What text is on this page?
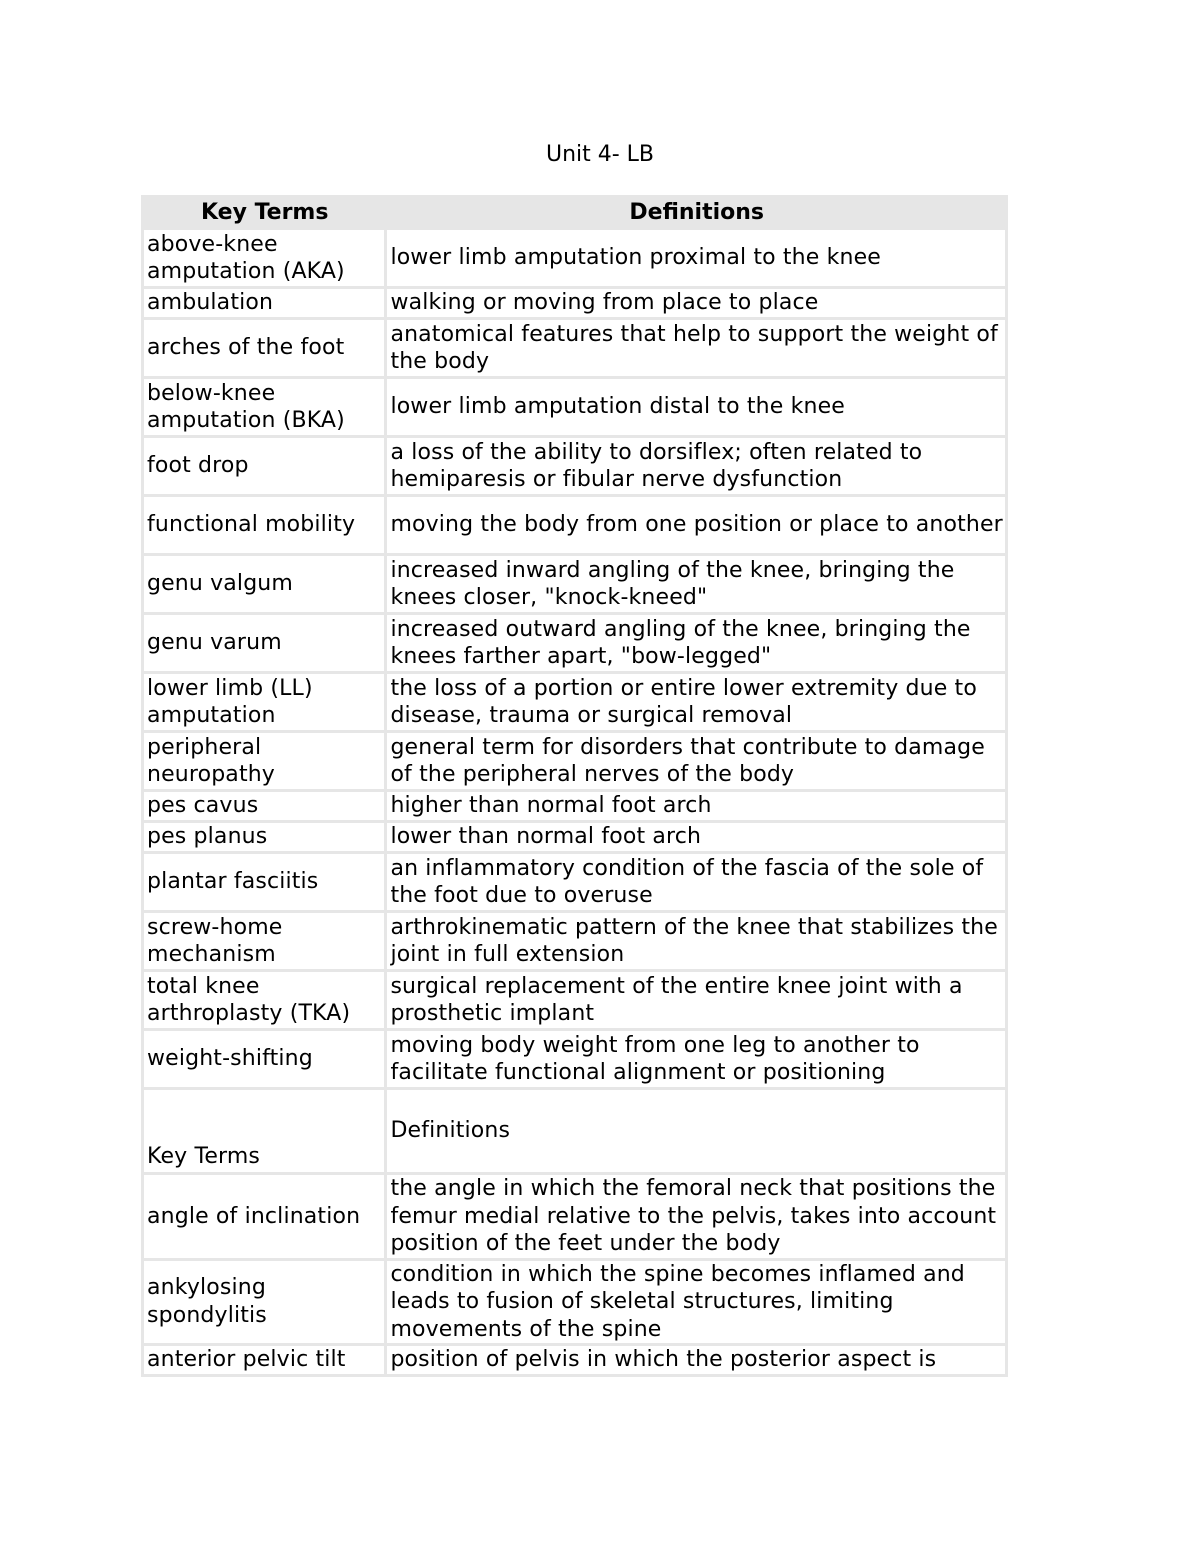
Unit 4- LB
Key Terms	Definitions
above-knee amputation (AKA)	lower limb amputation proximal to the knee
ambulation	walking or moving from place to place
arches of the foot	anatomical features that help to support the weight of the body
below-knee amputation (BKA)	lower limb amputation distal to the knee
foot drop	a loss of the ability to dorsiflex; often related to hemiparesis or fibular nerve dysfunction
functional mobility	moving the body from one position or place to another
genu valgum	increased inward angling of the knee, bringing the knees closer, "knock-kneed"
genu varum	increased outward angling of the knee, bringing the knees farther apart, "bow-legged"
lower limb (LL) amputation	the loss of a portion or entire lower extremity due to disease, trauma or surgical removal
peripheral neuropathy	general term for disorders that contribute to damage of the peripheral nerves of the body
pes cavus	higher than normal foot arch
pes planus	lower than normal foot arch
plantar fasciitis	an inflammatory condition of the fascia of the sole of the foot due to overuse
screw-home mechanism	arthrokinematic pattern of the knee that stabilizes the joint in full extension
total knee arthroplasty (TKA)	surgical replacement of the entire knee joint with a prosthetic implant
weight-shifting	moving body weight from one leg to another to facilitate functional alignment or positioning
Key Terms	Definitions
angle of inclination	the angle in which the femoral neck that positions the femur medial relative to the pelvis, takes into account position of the feet under the body
ankylosing spondylitis	condition in which the spine becomes inflamed and leads to fusion of skeletal structures, limiting movements of the spine
anterior pelvic tilt	position of pelvis in which the posterior aspect is
